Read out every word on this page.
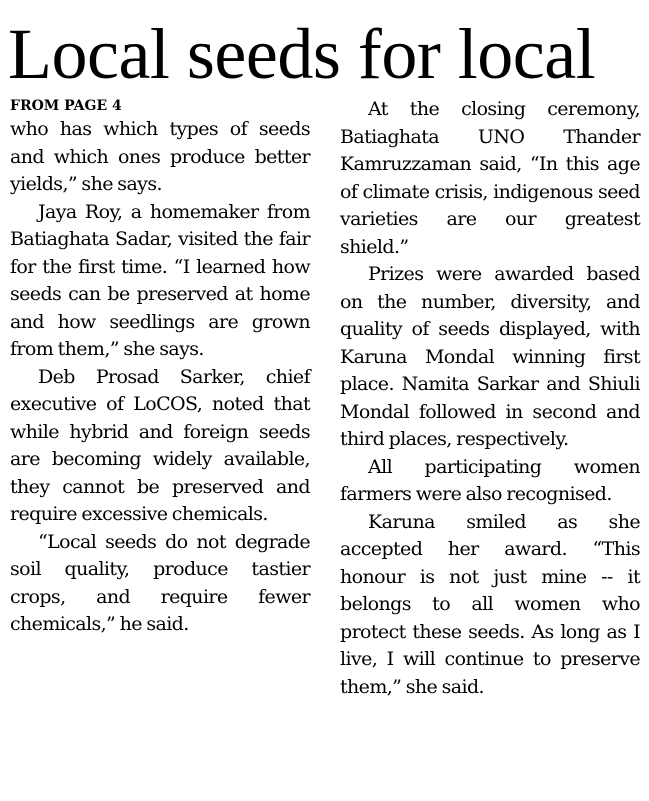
Local seeds for local

FROM PAGE 4

who has which types of seeds and which ones produce better yields,” she says.

Jaya Roy, a homemaker from Batiaghata Sadar, visited the fair for the first time. “I learned how seeds can be preserved at home and how seedlings are grown from them,” she says.

Deb Prosad Sarker, chief executive of LoCOS, noted that while hybrid and foreign seeds are becoming widely available, they cannot be preserved and require excessive chemicals.

“Local seeds do not degrade soil quality, produce tastier crops, and require fewer chemicals,” he said.

At the closing ceremony, Batiaghata UNO Thander Kamruzzaman said, “In this age of climate crisis, indigenous seed varieties are our greatest shield.”

Prizes were awarded based on the number, diversity, and quality of seeds displayed, with Karuna Mondal winning first place. Namita Sarkar and Shiuli Mondal followed in second and third places, respectively.

All participating women farmers were also recognised.

Karuna smiled as she accepted her award. “This honour is not just mine -- it belongs to all women who protect these seeds. As long as I live, I will continue to preserve them,” she said.
